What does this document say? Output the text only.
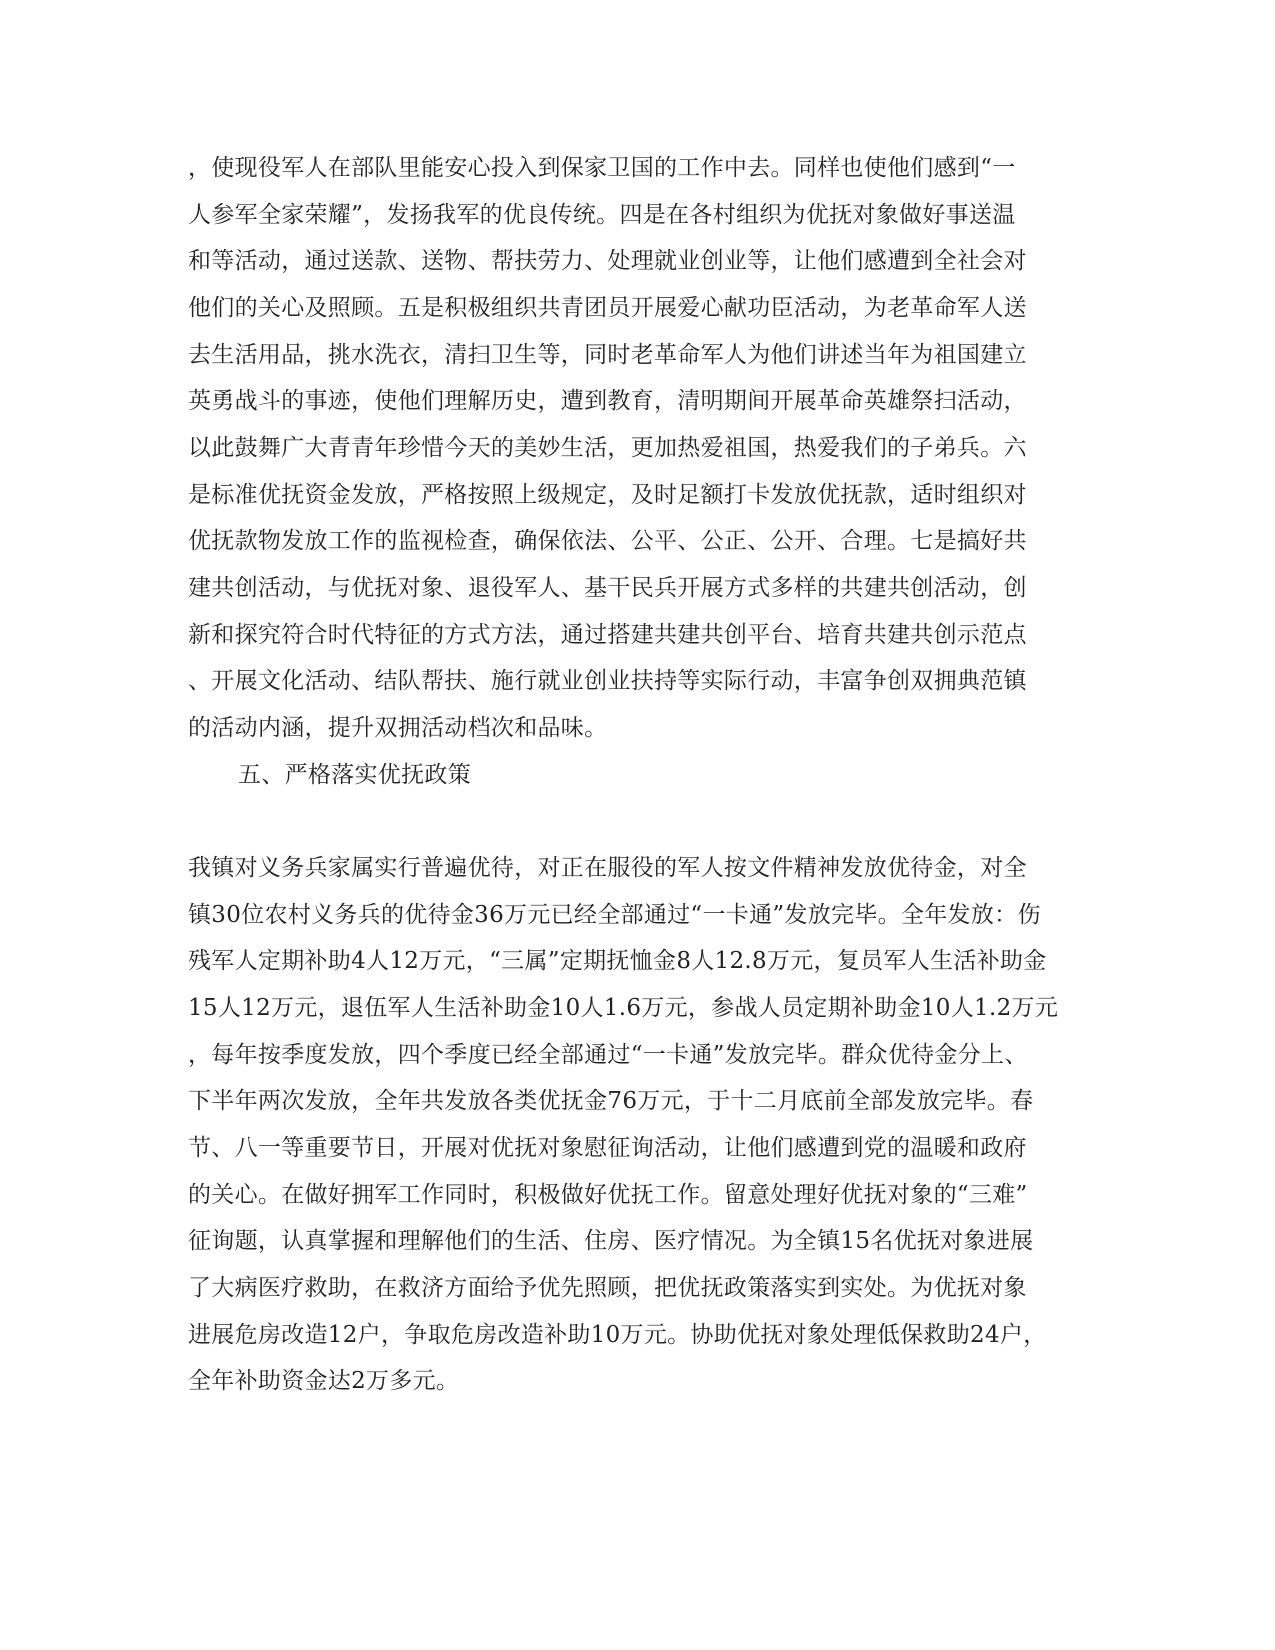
，使现役军人在部队里能安心投入到保家卫国的工作中去。同样也使他们感到“一
人参军全家荣耀”，发扬我军的优良传统。四是在各村组织为优抚对象做好事送温
和等活动，通过送款、送物、帮扶劳力、处理就业创业等，让他们感遭到全社会对
他们的关心及照顾。五是积极组织共青团员开展爱心献功臣活动，为老革命军人送
去生活用品，挑水洗衣，清扫卫生等，同时老革命军人为他们讲述当年为祖国建立
英勇战斗的事迹，使他们理解历史，遭到教育，清明期间开展革命英雄祭扫活动，
以此鼓舞广大青青年珍惜今天的美妙生活，更加热爱祖国，热爱我们的子弟兵。六
是标准优抚资金发放，严格按照上级规定，及时足额打卡发放优抚款，适时组织对
优抚款物发放工作的监视检查，确保依法、公平、公正、公开、合理。七是搞好共
建共创活动，与优抚对象、退役军人、基干民兵开展方式多样的共建共创活动，创
新和探究符合时代特征的方式方法，通过搭建共建共创平台、培育共建共创示范点
、开展文化活动、结队帮扶、施行就业创业扶持等实际行动，丰富争创双拥典范镇
的活动内涵，提升双拥活动档次和品味。
五、严格落实优抚政策
我镇对义务兵家属实行普遍优待，对正在服役的军人按文件精神发放优待金，对全
镇30位农村义务兵的优待金36万元已经全部通过“一卡通”发放完毕。全年发放：伤
残军人定期补助4人12万元，“三属”定期抚恤金8人12.8万元，复员军人生活补助金
15人12万元，退伍军人生活补助金10人1.6万元，参战人员定期补助金10人1.2万元
，每年按季度发放，四个季度已经全部通过“一卡通”发放完毕。群众优待金分上、
下半年两次发放，全年共发放各类优抚金76万元，于十二月底前全部发放完毕。春
节、八一等重要节日，开展对优抚对象慰征询活动，让他们感遭到党的温暖和政府
的关心。在做好拥军工作同时，积极做好优抚工作。留意处理好优抚对象的“三难”
征询题，认真掌握和理解他们的生活、住房、医疗情况。为全镇15名优抚对象进展
了大病医疗救助，在救济方面给予优先照顾，把优抚政策落实到实处。为优抚对象
进展危房改造12户，争取危房改造补助10万元。协助优抚对象处理低保救助24户，
全年补助资金达2万多元。
